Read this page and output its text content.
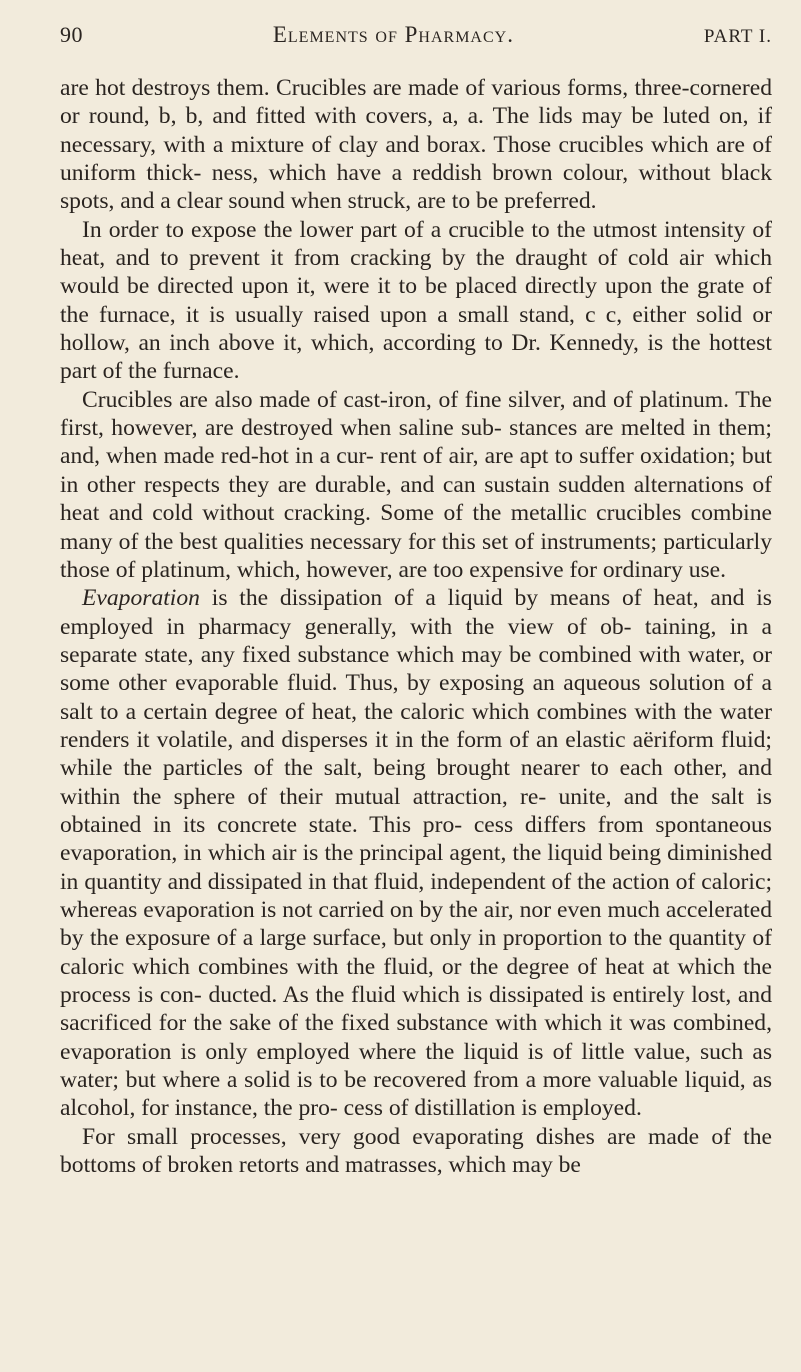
90	Elements of Pharmacy.	PART I.

are hot destroys them. Crucibles are made of various forms, three-cornered or round, b, b, and fitted with covers, a, a. The lids may be luted on, if necessary, with a mixture of clay and borax. Those crucibles which are of uniform thick- ness, which have a reddish brown colour, without black spots, and a clear sound when struck, are to be preferred.

In order to expose the lower part of a crucible to the utmost intensity of heat, and to prevent it from cracking by the draught of cold air which would be directed upon it, were it to be placed directly upon the grate of the furnace, it is usually raised upon a small stand, c c, either solid or hollow, an inch above it, which, according to Dr. Kennedy, is the hottest part of the furnace.

Crucibles are also made of cast-iron, of fine silver, and of platinum. The first, however, are destroyed when saline sub- stances are melted in them; and, when made red-hot in a cur- rent of air, are apt to suffer oxidation; but in other respects they are durable, and can sustain sudden alternations of heat and cold without cracking. Some of the metallic crucibles combine many of the best qualities necessary for this set of instruments; particularly those of platinum, which, however, are too expensive for ordinary use.

Evaporation is the dissipation of a liquid by means of heat, and is employed in pharmacy generally, with the view of ob- taining, in a separate state, any fixed substance which may be combined with water, or some other evaporable fluid. Thus, by exposing an aqueous solution of a salt to a certain degree of heat, the caloric which combines with the water renders it volatile, and disperses it in the form of an elastic aëriform fluid; while the particles of the salt, being brought nearer to each other, and within the sphere of their mutual attraction, re- unite, and the salt is obtained in its concrete state. This pro- cess differs from spontaneous evaporation, in which air is the principal agent, the liquid being diminished in quantity and dissipated in that fluid, independent of the action of caloric; whereas evaporation is not carried on by the air, nor even much accelerated by the exposure of a large surface, but only in proportion to the quantity of caloric which combines with the fluid, or the degree of heat at which the process is con- ducted. As the fluid which is dissipated is entirely lost, and sacrificed for the sake of the fixed substance with which it was combined, evaporation is only employed where the liquid is of little value, such as water; but where a solid is to be recovered from a more valuable liquid, as alcohol, for instance, the pro- cess of distillation is employed.

For small processes, very good evaporating dishes are made of the bottoms of broken retorts and matrasses, which may be
